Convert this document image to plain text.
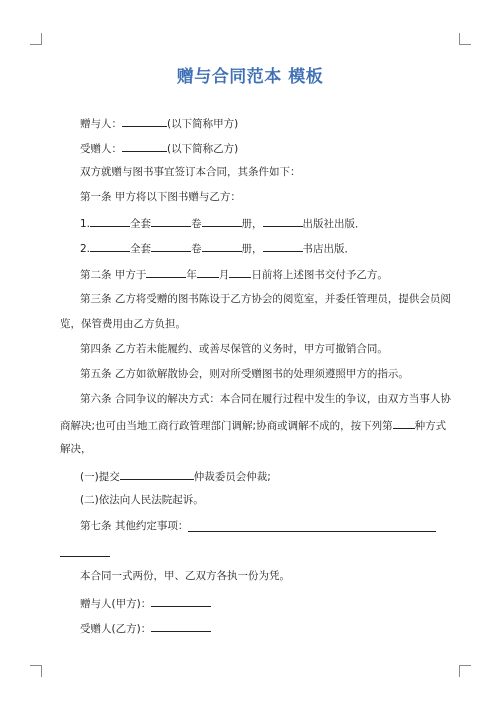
赠与合同范本 模板
赠与人：	(以下简称甲方)
受赠人：	(以下简称乙方)
双方就赠与图书事宜签订本合同，其条件如下：
第一条 甲方将以下图书赠与乙方：
1.	全套	卷	册，	出版社出版．
2.	全套	卷	册，	书店出版．
第二条 甲方于	年 月 日前将上述图书交付予乙方。
第三条 乙方将受赠的图书陈设于乙方协会的阅览室，并委任管理员，提供会员阅
览，保管费用由乙方负担。
第四条 乙方若未能履约、或善尽保管的义务时，甲方可撤销合同。
第五条 乙方如欲解散协会，则对所受赠图书的处理须遵照甲方的指示。
第六条 合同争议的解决方式：本合同在履行过程中发生的争议，由双方当事人协
商解决;也可由当地工商行政管理部门调解;协商或调解不成的，按下列第 种方式
解决，
(一)提交	仲裁委员会仲裁;
(二)依法向人民法院起诉。
第七条 其他约定事项：
本合同一式两份，甲、乙双方各执一份为凭。
赠与人(甲方)：
受赠人(乙方)：
